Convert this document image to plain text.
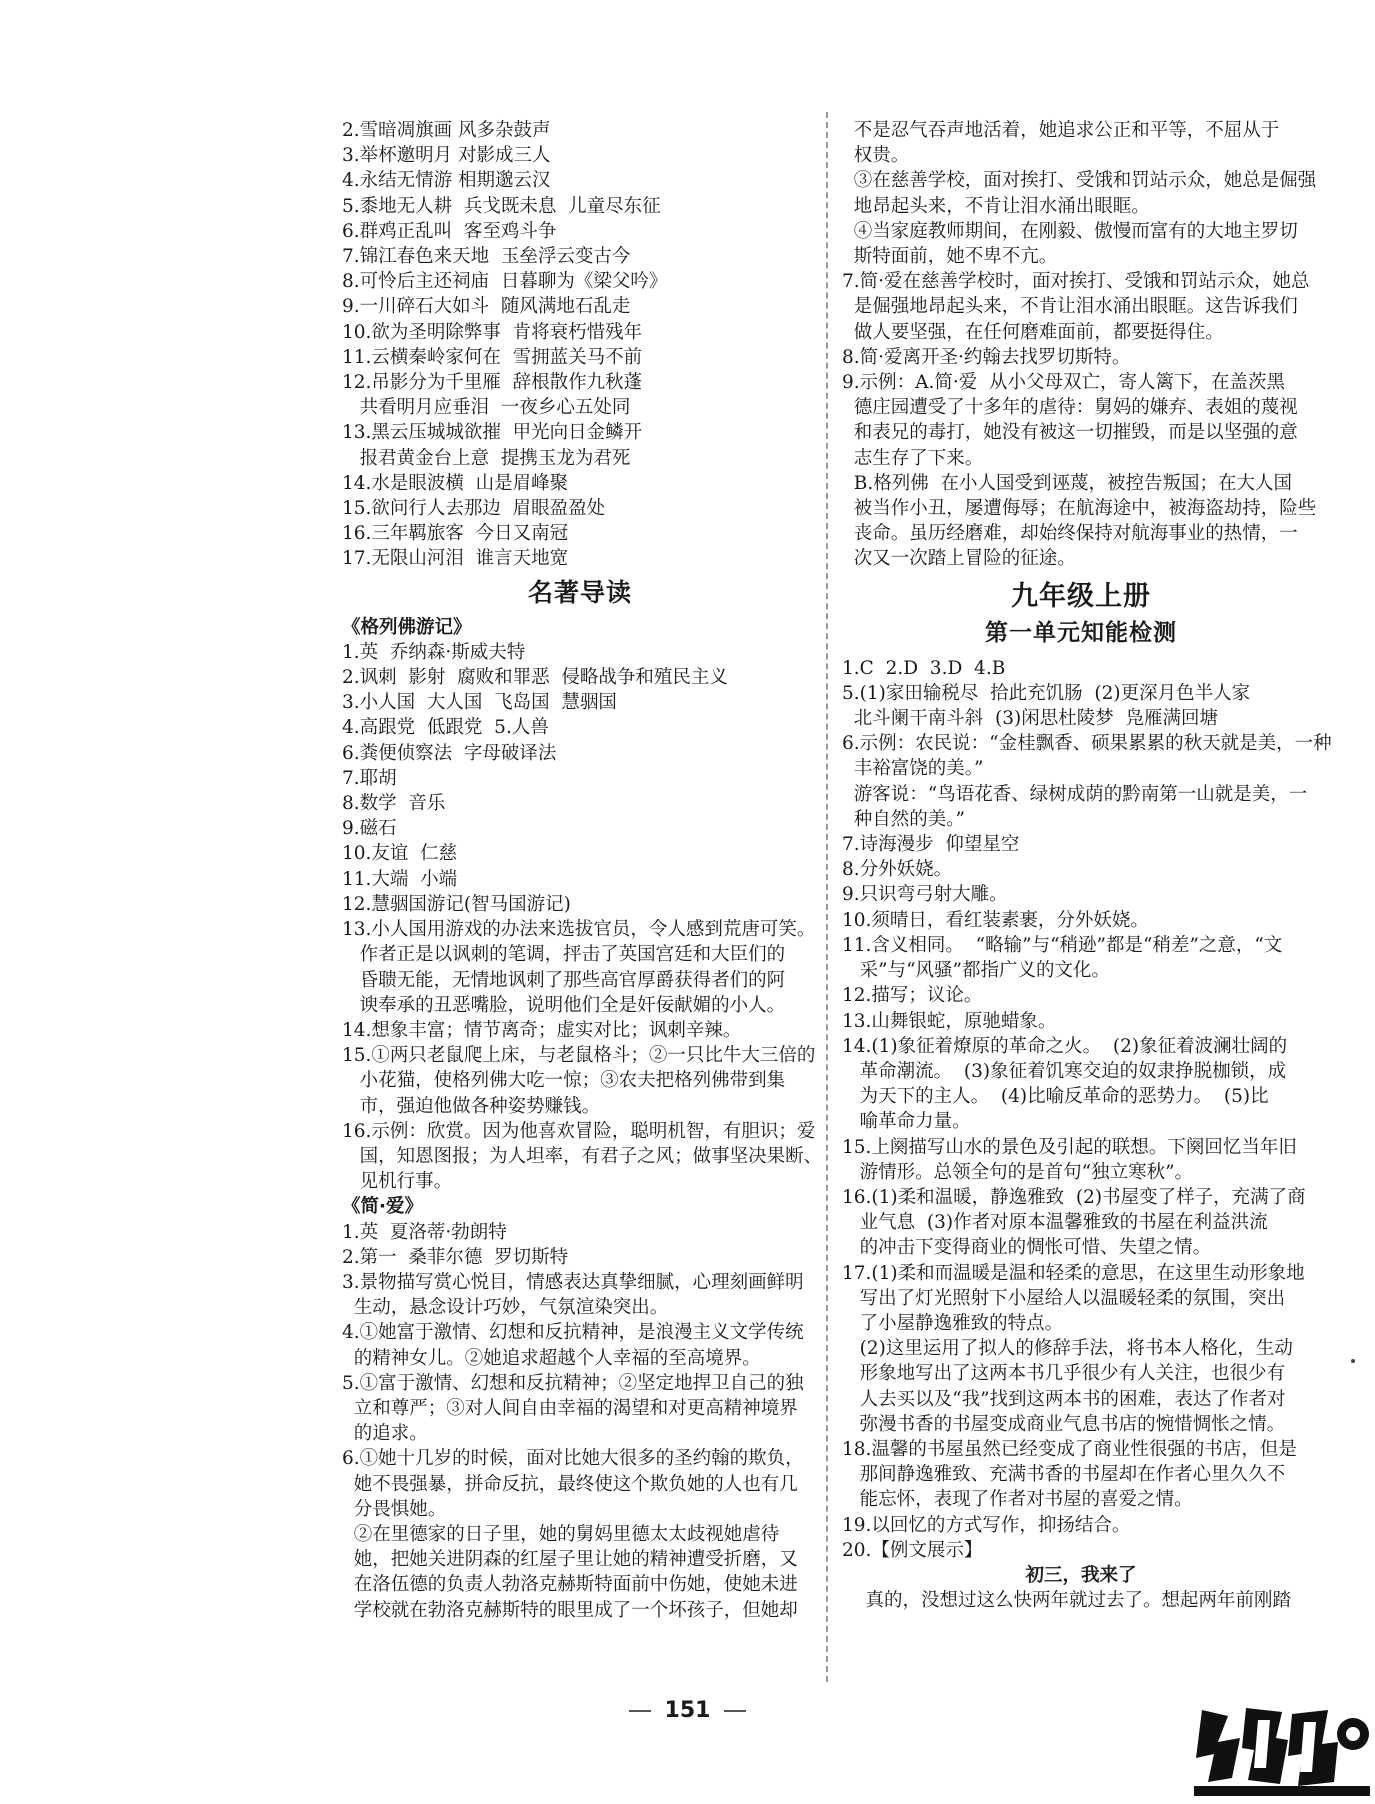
2.雪暗凋旗画 风多杂鼓声
3.举杯邀明月 对影成三人
4.永结无情游 相期邈云汉
5.黍地无人耕  兵戈既未息  儿童尽东征
6.群鸡正乱叫  客至鸡斗争
7.锦江春色来天地  玉垒浮云变古今
8.可怜后主还祠庙  日暮聊为《梁父吟》
9.一川碎石大如斗  随风满地石乱走
10.欲为圣明除弊事  肯将衰朽惜残年
11.云横秦岭家何在  雪拥蓝关马不前
12.吊影分为千里雁  辞根散作九秋蓬
共看明月应垂泪  一夜乡心五处同
13.黑云压城城欲摧  甲光向日金鳞开
报君黄金台上意  提携玉龙为君死
14.水是眼波横  山是眉峰聚
15.欲问行人去那边  眉眼盈盈处
16.三年羁旅客  今日又南冠
17.无限山河泪  谁言天地宽
名著导读
《格列佛游记》
1.英  乔纳森·斯威夫特
2.讽刺  影射  腐败和罪恶  侵略战争和殖民主义
3.小人国  大人国  飞岛国  慧骃国
4.高跟党  低跟党  5.人兽
6.粪便侦察法  字母破译法
7.耶胡
8.数学  音乐
9.磁石
10.友谊  仁慈
11.大端  小端
12.慧骃国游记(智马国游记)
13.小人国用游戏的办法来选拔官员，令人感到荒唐可笑。
作者正是以讽刺的笔调，抨击了英国宫廷和大臣们的
昏聩无能，无情地讽刺了那些高官厚爵获得者们的阿
谀奉承的丑恶嘴脸，说明他们全是奸佞献媚的小人。
14.想象丰富；情节离奇；虚实对比；讽刺辛辣。
15.①两只老鼠爬上床，与老鼠格斗；②一只比牛大三倍的
小花猫，使格列佛大吃一惊；③农夫把格列佛带到集
市，强迫他做各种姿势赚钱。
16.示例：欣赏。因为他喜欢冒险，聪明机智，有胆识；爱
国，知恩图报；为人坦率，有君子之风；做事坚决果断、
见机行事。
《简·爱》
1.英  夏洛蒂·勃朗特
2.第一  桑菲尔德  罗切斯特
3.景物描写赏心悦目，情感表达真挚细腻，心理刻画鲜明
生动，悬念设计巧妙，气氛渲染突出。
4.①她富于激情、幻想和反抗精神，是浪漫主义文学传统
的精神女儿。②她追求超越个人幸福的至高境界。
5.①富于激情、幻想和反抗精神；②坚定地捍卫自己的独
立和尊严；③对人间自由幸福的渴望和对更高精神境界
的追求。
6.①她十几岁的时候，面对比她大很多的圣约翰的欺负，
她不畏强暴，拼命反抗，最终使这个欺负她的人也有几
分畏惧她。
②在里德家的日子里，她的舅妈里德太太歧视她虐待
她，把她关进阴森的红屋子里让她的精神遭受折磨，又
在洛伍德的负责人勃洛克赫斯特面前中伤她，使她未进
学校就在勃洛克赫斯特的眼里成了一个坏孩子，但她却
不是忍气吞声地活着，她追求公正和平等，不屈从于
权贵。
③在慈善学校，面对挨打、受饿和罚站示众，她总是倔强
地昂起头来，不肯让泪水涌出眼眶。
④当家庭教师期间，在刚毅、傲慢而富有的大地主罗切
斯特面前，她不卑不亢。
7.简·爱在慈善学校时，面对挨打、受饿和罚站示众，她总
是倔强地昂起头来，不肯让泪水涌出眼眶。这告诉我们
做人要坚强，在任何磨难面前，都要挺得住。
8.简·爱离开圣·约翰去找罗切斯特。
9.示例：A.简·爱  从小父母双亡，寄人篱下，在盖茨黑
德庄园遭受了十多年的虐待：舅妈的嫌弃、表姐的蔑视
和表兄的毒打，她没有被这一切摧毁，而是以坚强的意
志生存了下来。
B.格列佛  在小人国受到诬蔑，被控告叛国；在大人国
被当作小丑，屡遭侮辱；在航海途中，被海盗劫持，险些
丧命。虽历经磨难，却始终保持对航海事业的热情，一
次又一次踏上冒险的征途。
九年级上册
第一单元知能检测
1.C  2.D  3.D  4.B
5.(1)家田输税尽  拾此充饥肠  (2)更深月色半人家
北斗阑干南斗斜  (3)闲思杜陵梦  凫雁满回塘
6.示例：农民说：“金桂飘香、硕果累累的秋天就是美，一种
丰裕富饶的美。”
游客说：“鸟语花香、绿树成荫的黔南第一山就是美，一
种自然的美。”
7.诗海漫步  仰望星空
8.分外妖娆。
9.只识弯弓射大雕。
10.须晴日，看红装素裹，分外妖娆。
11.含义相同。  “略输”与“稍逊”都是“稍差”之意，“文
采”与“风骚”都指广义的文化。
12.描写；议论。
13.山舞银蛇，原驰蜡象。
14.(1)象征着燎原的革命之火。  (2)象征着波澜壮阔的
革命潮流。  (3)象征着饥寒交迫的奴隶挣脱枷锁，成
为天下的主人。  (4)比喻反革命的恶势力。  (5)比
喻革命力量。
15.上阕描写山水的景色及引起的联想。下阕回忆当年旧
游情形。总领全句的是首句“独立寒秋”。
16.(1)柔和温暖，静逸雅致  (2)书屋变了样子，充满了商
业气息  (3)作者对原本温馨雅致的书屋在利益洪流
的冲击下变得商业的惆怅可惜、失望之情。
17.(1)柔和而温暖是温和轻柔的意思，在这里生动形象地
写出了灯光照射下小屋给人以温暖轻柔的氛围，突出
了小屋静逸雅致的特点。
(2)这里运用了拟人的修辞手法，将书本人格化，生动
形象地写出了这两本书几乎很少有人关注，也很少有
人去买以及“我”找到这两本书的困难，表达了作者对
弥漫书香的书屋变成商业气息书店的惋惜惆怅之情。
18.温馨的书屋虽然已经变成了商业性很强的书店，但是
那间静逸雅致、充满书香的书屋却在作者心里久久不
能忘怀，表现了作者对书屋的喜爱之情。
19.以回忆的方式写作，抑扬结合。
20.【例文展示】
初三，我来了
真的，没想过这么快两年就过去了。想起两年前刚踏
151
